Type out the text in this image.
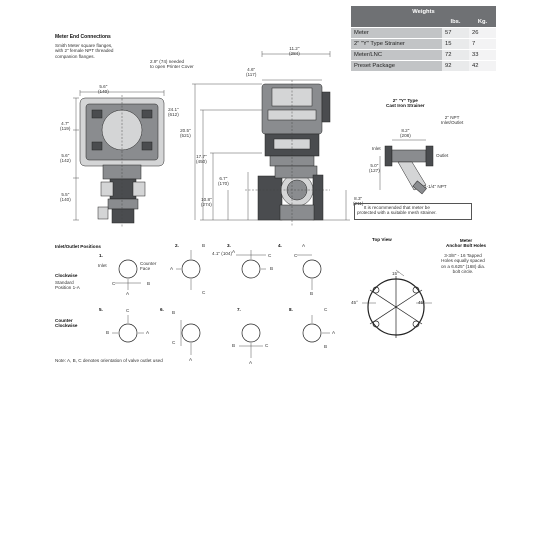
Weights		
	lbs.	Kg.
Meter	57	26
2" "Y" Type Strainer	15	7
Meter/LNC	72	33
Preset Package	92	42
Meter End Connections
Smith Meter square flanges,
with 2" female NPT threaded
companion flanges.
2.9" (74) needed
to open Printer Cover
11.2"
(284)
4.6"
(117)
5.6"
(140)
4.7"
(119)
5.6"
(142)
5.5"
(140)
24.1"
(612)
20.5"
(521)
17.7"
(450)
6.7"
(170)
10.8"
(274)
8.3"
(211)
2" "Y" Type
Cast Iron Strainer
2" NPT
Inlet/Outlet
8.2"
(208)
Inlet
Outlet
5.0"
(127)
1-1/4" NPT
It is recommended that meter be
protected with a suitable mesh strainer.
Inlet/Outlet Positions
Clockwise
Standard
Position 1-A
Counter
Clockwise
Inlet	Counter
Face
4.1" (104)
1.
2.	3.	4.
5.	6.	7.	8.
C
A
B
B
A
C
A
C
B
C
A
B
C
A
B
B
C
A
B	C
A
C
A
B
Note: A, B, C denotes orientation of valve outlet used
Top View	Meter
Anchor Bolt Holes
3-3/8" - 16 Tapped
Holes equally spaced
on a 6.625" (168) dia.
bolt circle.
15°
45°	45°
